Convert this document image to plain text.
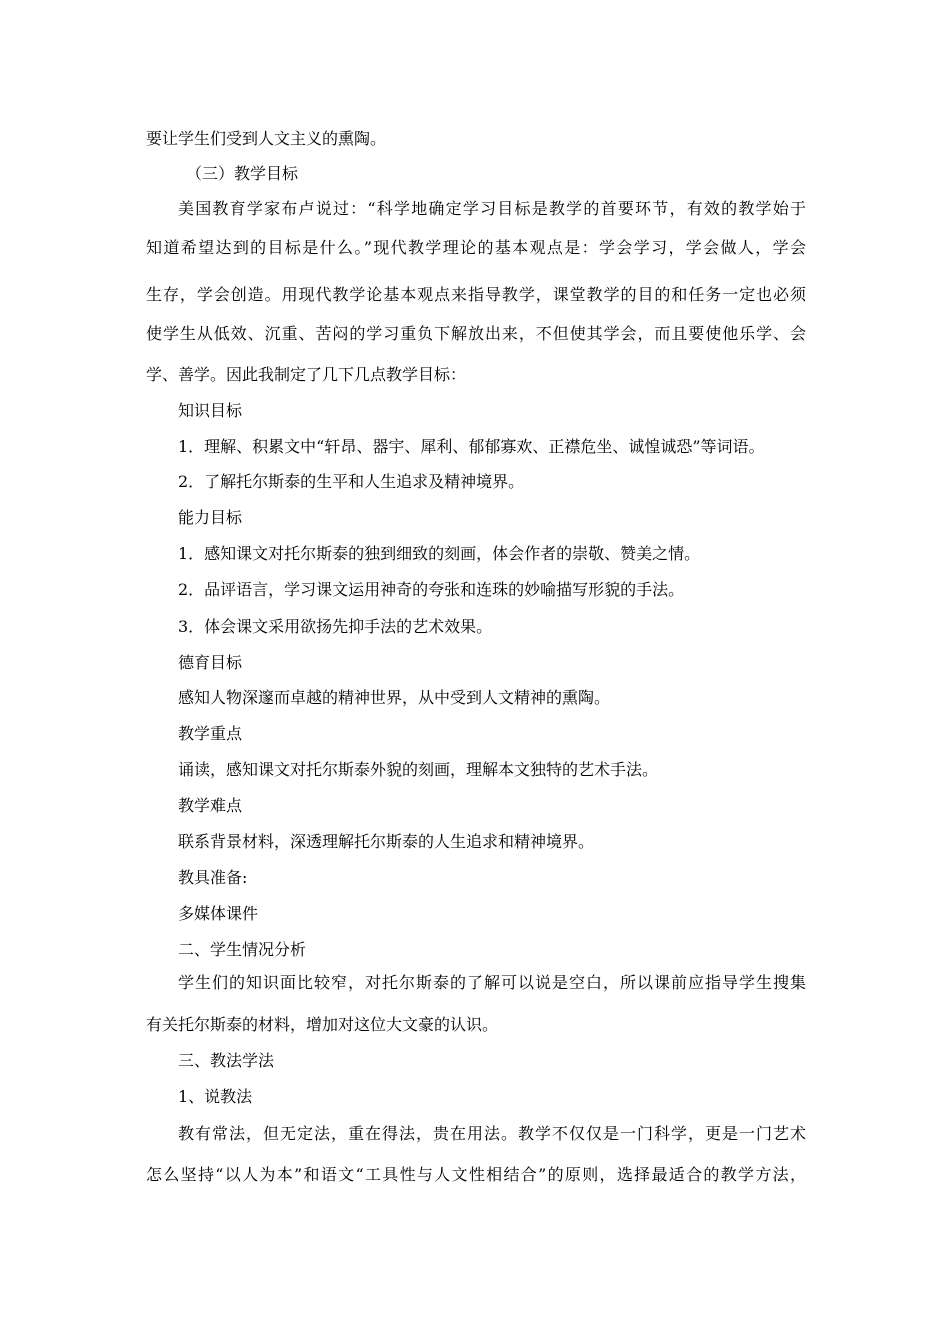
要让学生们受到人文主义的熏陶。
（三）教学目标
美国教育学家布卢说过：“科学地确定学习目标是教学的首要环节，有效的教学始于
知道希望达到的目标是什么。”现代教学理论的基本观点是：学会学习，学会做人，学会
生存，学会创造。用现代教学论基本观点来指导教学，课堂教学的目的和任务一定也必须
使学生从低效、沉重、苦闷的学习重负下解放出来，不但使其学会，而且要使他乐学、会
学、善学。因此我制定了几下几点教学目标：
知识目标
1．理解、积累文中“轩昂、器宇、犀利、郁郁寡欢、正襟危坐、诚惶诚恐”等词语。
2．了解托尔斯泰的生平和人生追求及精神境界。
能力目标
1．感知课文对托尔斯泰的独到细致的刻画，体会作者的崇敬、赞美之情。
2．品评语言，学习课文运用神奇的夸张和连珠的妙喻描写形貌的手法。
3．体会课文采用欲扬先抑手法的艺术效果。
德育目标
感知人物深邃而卓越的精神世界，从中受到人文精神的熏陶。
教学重点
诵读，感知课文对托尔斯泰外貌的刻画，理解本文独特的艺术手法。
教学难点
联系背景材料，深透理解托尔斯泰的人生追求和精神境界。
教具准备:
多媒体课件
二、学生情况分析
学生们的知识面比较窄，对托尔斯泰的了解可以说是空白，所以课前应指导学生搜集
有关托尔斯泰的材料，增加对这位大文豪的认识。
三、教法学法
1、说教法
教有常法，但无定法，重在得法，贵在用法。教学不仅仅是一门科学，更是一门艺术
怎么坚持“以人为本”和语文“工具性与人文性相结合”的原则，选择最适合的教学方法，
